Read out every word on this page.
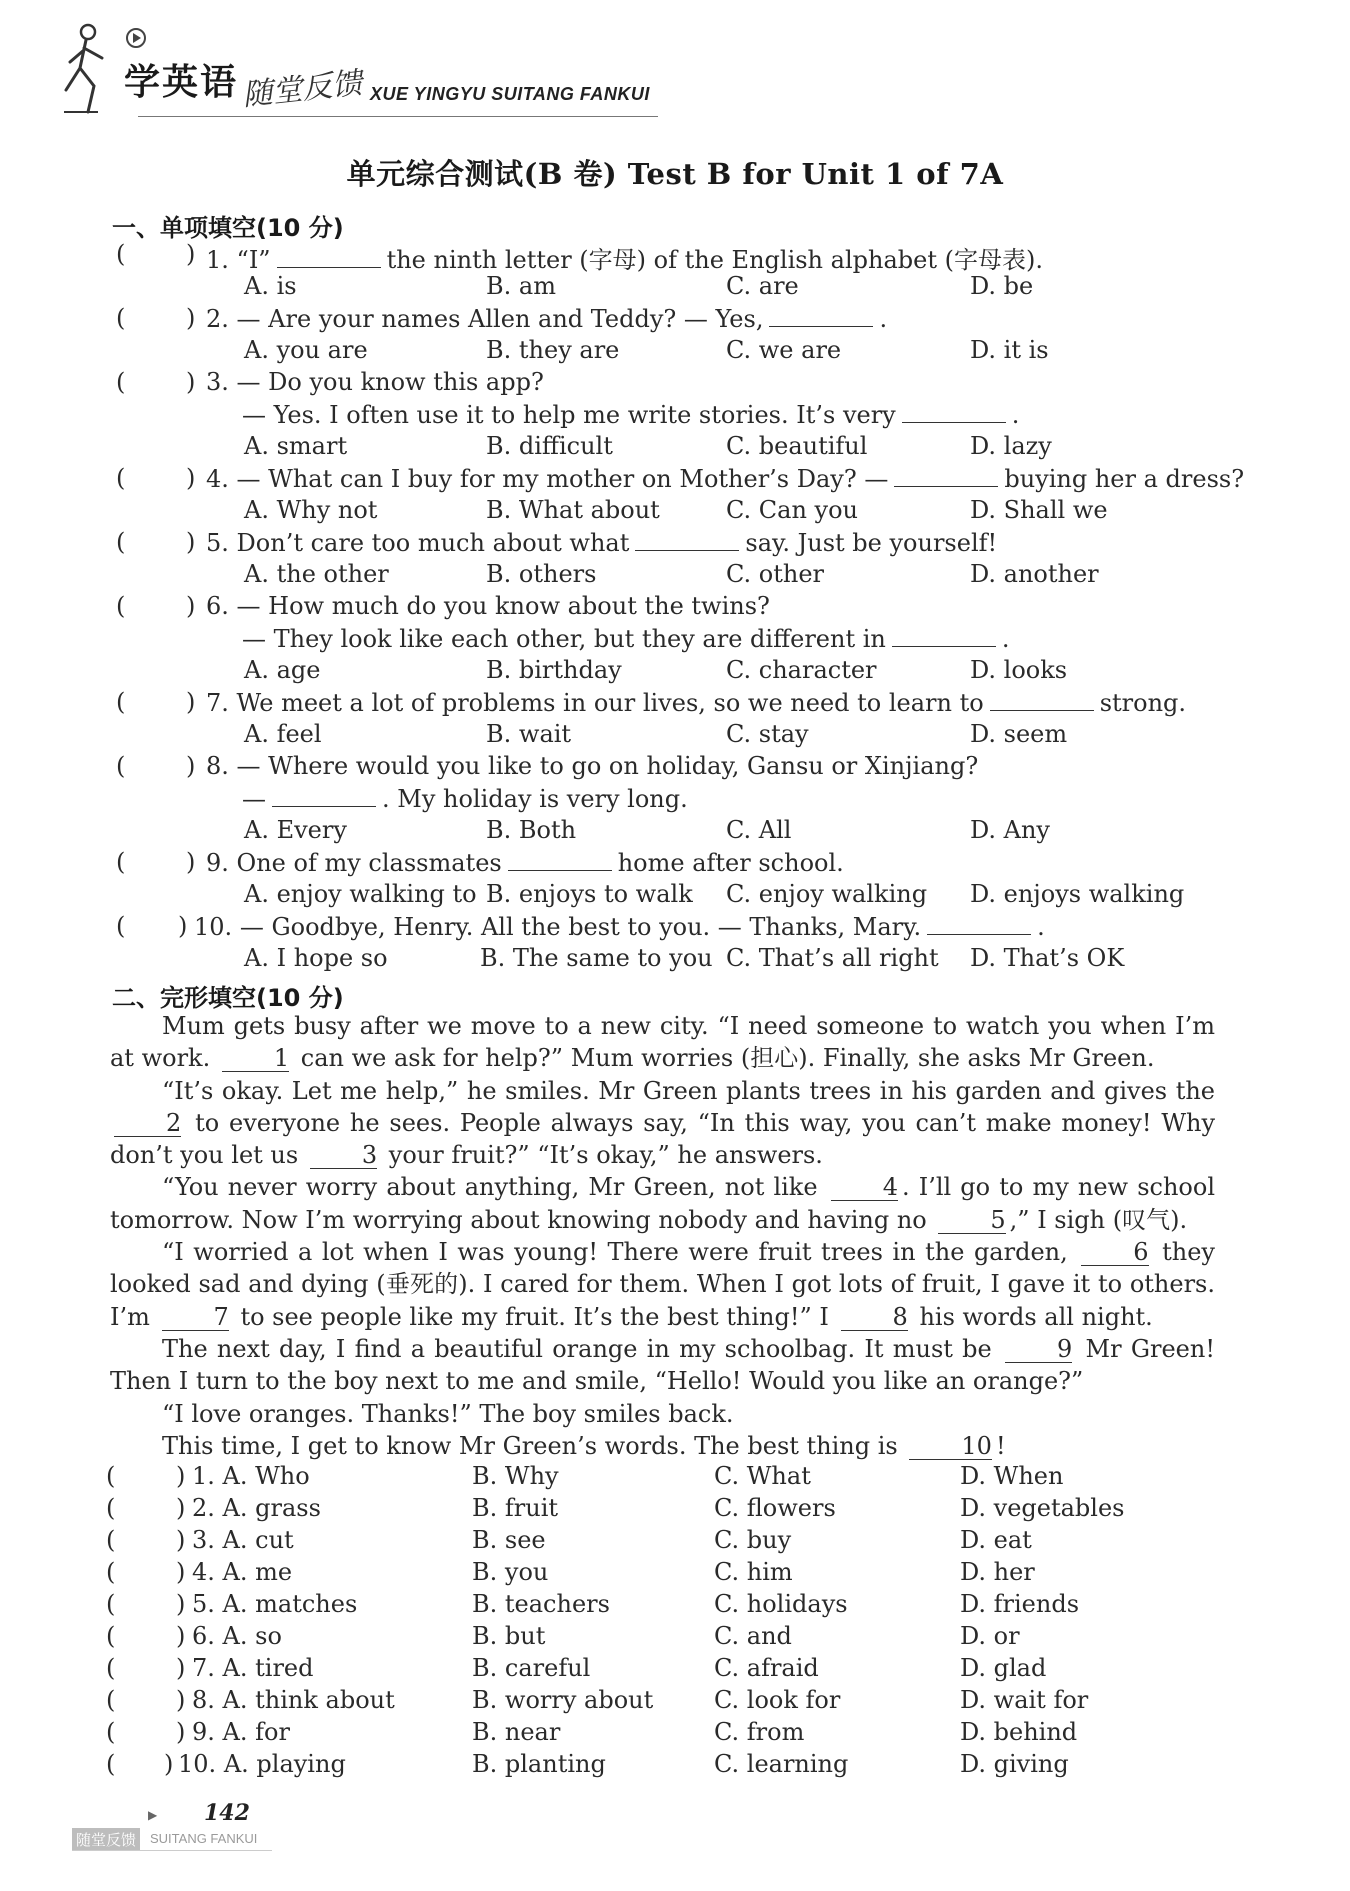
学英语 随堂反馈 XUE YINGYU SUITANG FANKUI
单元综合测试(B 卷) Test B for Unit 1 of 7A
一、单项填空(10 分)
(	) 1. “I”	the ninth letter (字母) of the English alphabet (字母表).
A. is	B. am	C. are	D. be
(	) 2. — Are your names Allen and Teddy? — Yes,	.
A. you are	B. they are	C. we are	D. it is
(	) 3. — Do you know this app?
— Yes. I often use it to help me write stories. It’s very	.
A. smart	B. difficult	C. beautiful	D. lazy
(	) 4. — What can I buy for my mother on Mother’s Day? —	buying her a dress?
A. Why not	B. What about	C. Can you	D. Shall we
(	) 5. Don’t care too much about what	say. Just be yourself!
A. the other	B. others	C. other	D. another
(	) 6. — How much do you know about the twins?
— They look like each other, but they are different in	.
A. age	B. birthday	C. character	D. looks
(	) 7. We meet a lot of problems in our lives, so we need to learn to	strong.
A. feel	B. wait	C. stay	D. seem
(	) 8. — Where would you like to go on holiday, Gansu or Xinjiang?
—	. My holiday is very long.
A. Every	B. Both	C. All	D. Any
(	) 9. One of my classmates	home after school.
A. enjoy walking to B. enjoys to walk C. enjoy walking D. enjoys walking
( ) 10. — Goodbye, Henry. All the best to you. — Thanks, Mary.	.
A. I hope so	B. The same to you C. That’s all right D. That’s OK
二、完形填空(10 分)

Mum gets busy after we move to a new city. “I need someone to watch you when I’m at work.	1 can we ask for help?” Mum worries (担心). Finally, she asks Mr Green.

“It’s okay. Let me help,” he smiles. Mr Green plants trees in his garden and gives the 2 to everyone he sees. People always say, “In this way, you can’t make money! Why don’t you let us	3 your fruit?” “It’s okay,” he answers.

“You never worry about anything, Mr Green, not like	4 . I’ll go to my new school tomorrow. Now I’m worrying about knowing nobody and having no	5 ,” I sigh (叹气).

“I worried a lot when I was young! There were fruit trees in the garden,	6 they looked sad and dying (垂死的). I cared for them. When I got lots of fruit, I gave it to others. I’m	7 to see people like my fruit. It’s the best thing!” I	8 his words all night.

The next day, I find a beautiful orange in my schoolbag. It must be	9 Mr Green! Then I turn to the boy next to me and smile, “Hello! Would you like an orange?”

“I love oranges. Thanks!” The boy smiles back.

This time, I get to know Mr Green’s words. The best thing is	10 !

(	) 1. A. Who	B. Why	C. What	D. When
(	) 2. A. grass	B. fruit	C. flowers	D. vegetables
(	) 3. A. cut	B. see	C. buy	D. eat
(	) 4. A. me	B. you	C. him	D. her
(	) 5. A. matches	B. teachers	C. holidays	D. friends
(	) 6. A. so	B. but	C. and	D. or
(	) 7. A. tired	B. careful	C. afraid	D. glad
(	) 8. A. think about	B. worry about	C. look for	D. wait for
(	) 9. A. for	B. near	C. from	D. behind
( ) 10. A. playing	B. planting	C. learning	D. giving
▶ 142
随堂反馈	SUITANG FANKUI
